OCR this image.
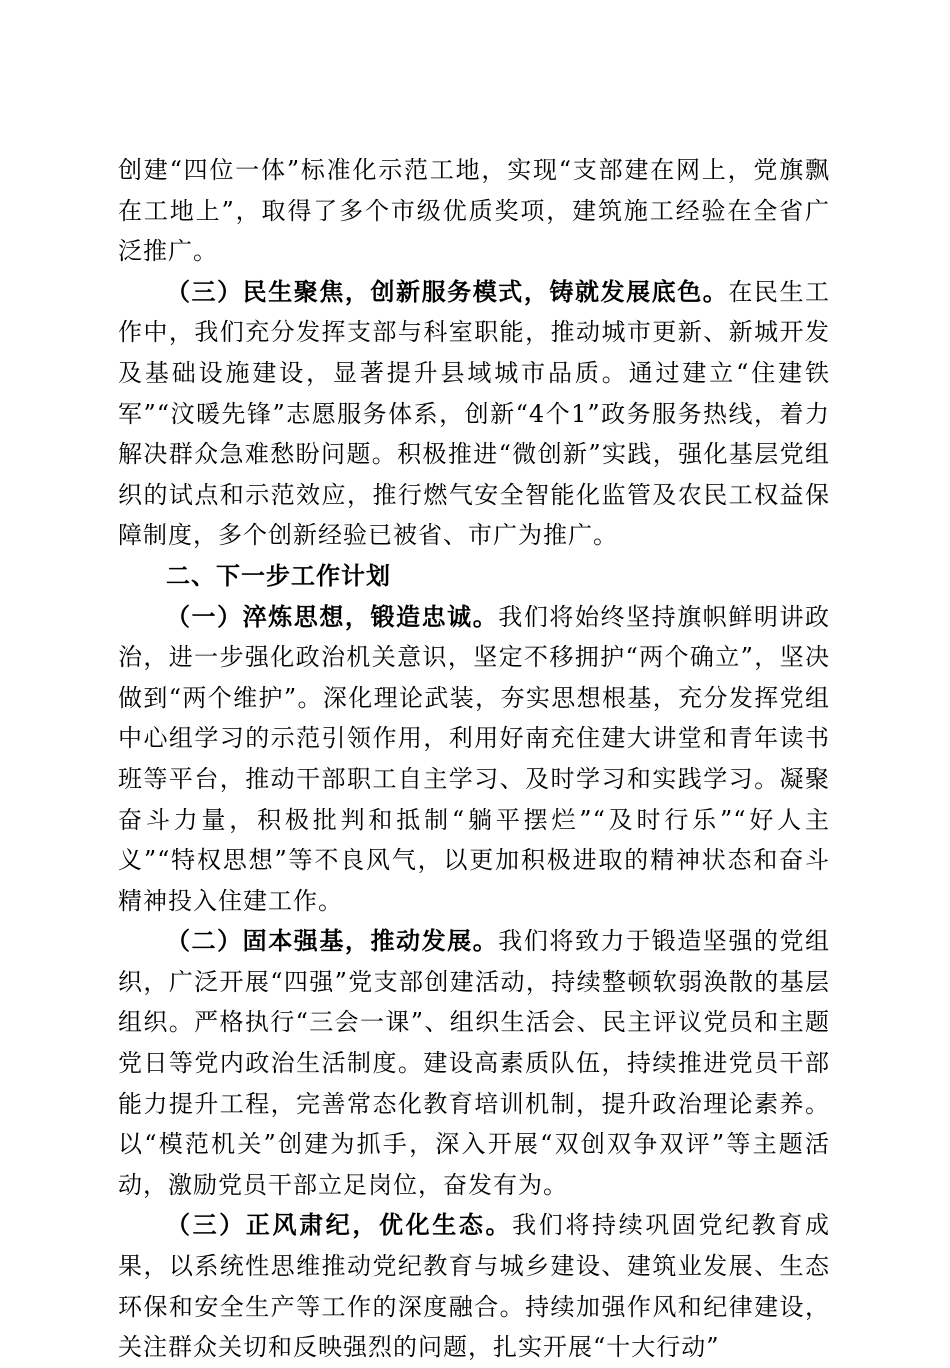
创建“四位一体”标准化示范工地，实现“支部建在网上，党旗飘在工地上”，取得了多个市级优质奖项，建筑施工经验在全省广泛推广。

（三）民生聚焦，创新服务模式，铸就发展底色。在民生工作中，我们充分发挥支部与科室职能，推动城市更新、新城开发及基础设施建设，显著提升县域城市品质。通过建立“住建铁军”“汶暖先锋”志愿服务体系，创新“4个1”政务服务热线，着力解决群众急难愁盼问题。积极推进“微创新”实践，强化基层党组织的试点和示范效应，推行燃气安全智能化监管及农民工权益保障制度，多个创新经验已被省、市广为推广。

二、下一步工作计划

（一）淬炼思想，锻造忠诚。我们将始终坚持旗帜鲜明讲政治，进一步强化政治机关意识，坚定不移拥护“两个确立”，坚决做到“两个维护”。深化理论武装，夯实思想根基，充分发挥党组中心组学习的示范引领作用，利用好南充住建大讲堂和青年读书班等平台，推动干部职工自主学习、及时学习和实践学习。凝聚奋斗力量，积极批判和抵制“躺平摆烂”“及时行乐”“好人主义”“特权思想”等不良风气，以更加积极进取的精神状态和奋斗精神投入住建工作。

（二）固本强基，推动发展。我们将致力于锻造坚强的党组织，广泛开展“四强”党支部创建活动，持续整顿软弱涣散的基层组织。严格执行“三会一课”、组织生活会、民主评议党员和主题党日等党内政治生活制度。建设高素质队伍，持续推进党员干部能力提升工程，完善常态化教育培训机制，提升政治理论素养。以“模范机关”创建为抓手，深入开展“双创双争双评”等主题活动，激励党员干部立足岗位，奋发有为。

（三）正风肃纪，优化生态。我们将持续巩固党纪教育成果，以系统性思维推动党纪教育与城乡建设、建筑业发展、生态环保和安全生产等工作的深度融合。持续加强作风和纪律建设，关注群众关切和反映强烈的问题，扎实开展“十大行动”
